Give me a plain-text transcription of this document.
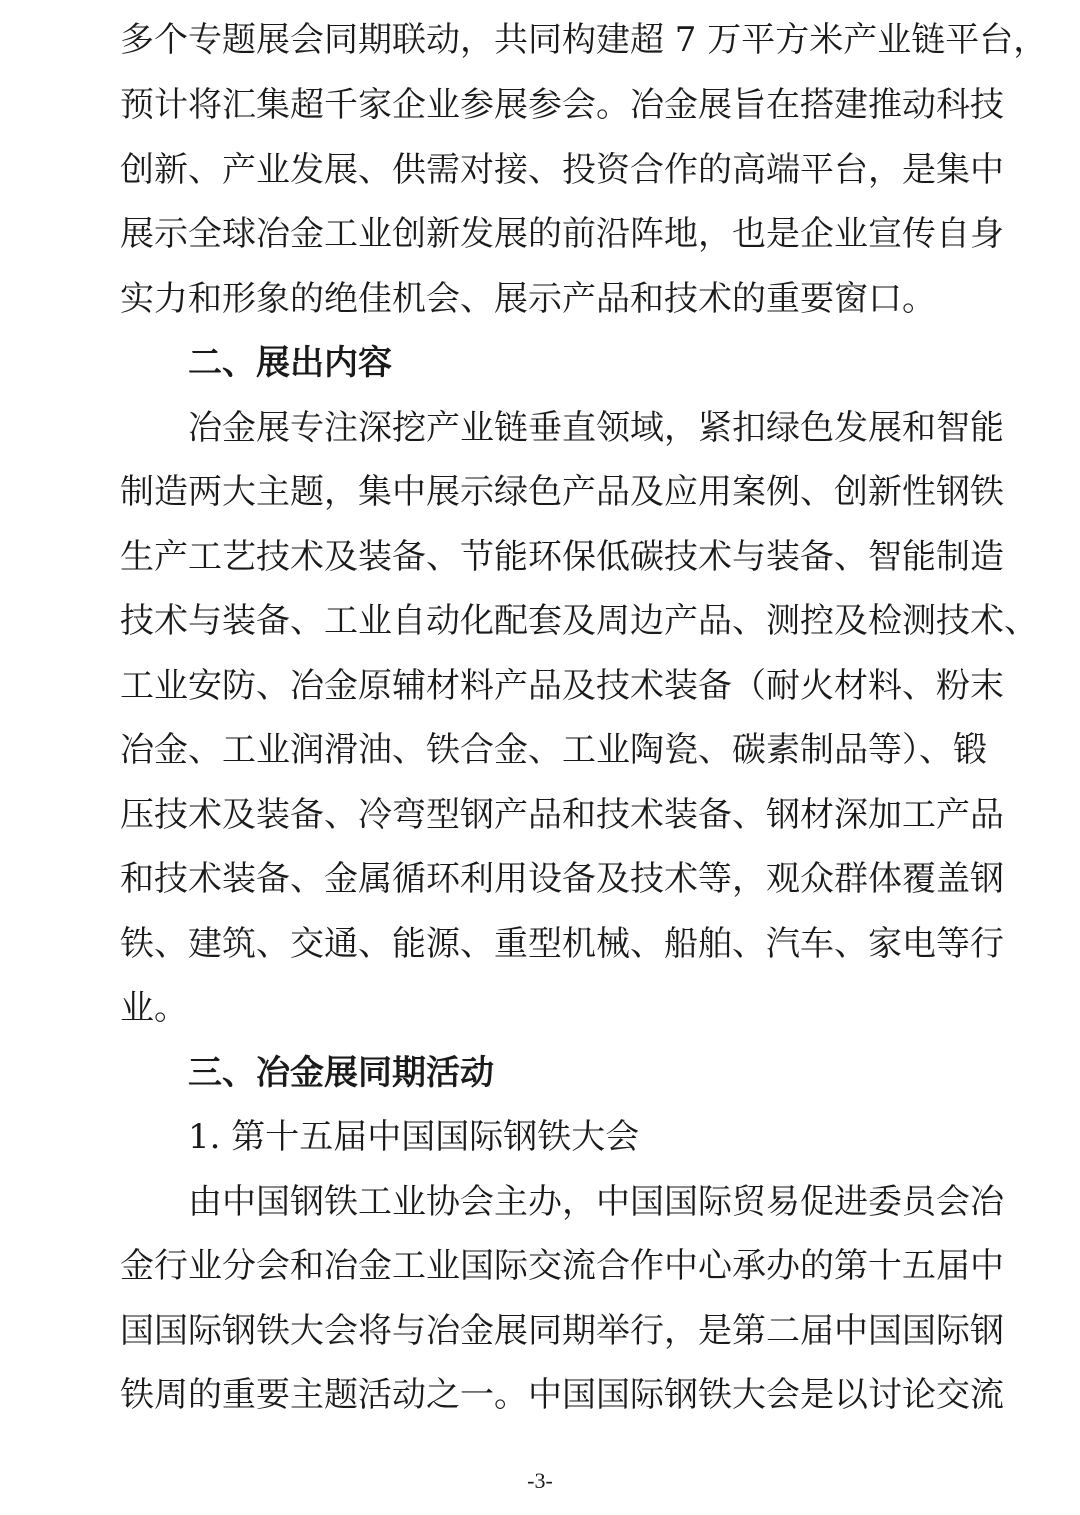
多个专题展会同期联动，共同构建超 7 万平方米产业链平台，
预计将汇集超千家企业参展参会。冶金展旨在搭建推动科技
创新、产业发展、供需对接、投资合作的高端平台，是集中
展示全球冶金工业创新发展的前沿阵地，也是企业宣传自身
实力和形象的绝佳机会、展示产品和技术的重要窗口。
二、展出内容
冶金展专注深挖产业链垂直领域，紧扣绿色发展和智能
制造两大主题，集中展示绿色产品及应用案例、创新性钢铁
生产工艺技术及装备、节能环保低碳技术与装备、智能制造
技术与装备、工业自动化配套及周边产品、测控及检测技术、
工业安防、冶金原辅材料产品及技术装备（耐火材料、粉末
冶金、工业润滑油、铁合金、工业陶瓷、碳素制品等）、锻
压技术及装备、冷弯型钢产品和技术装备、钢材深加工产品
和技术装备、金属循环利用设备及技术等，观众群体覆盖钢
铁、建筑、交通、能源、重型机械、船舶、汽车、家电等行
业。
三、冶金展同期活动
1. 第十五届中国国际钢铁大会
由中国钢铁工业协会主办，中国国际贸易促进委员会冶
金行业分会和冶金工业国际交流合作中心承办的第十五届中
国国际钢铁大会将与冶金展同期举行，是第二届中国国际钢
铁周的重要主题活动之一。中国国际钢铁大会是以讨论交流
-3-
